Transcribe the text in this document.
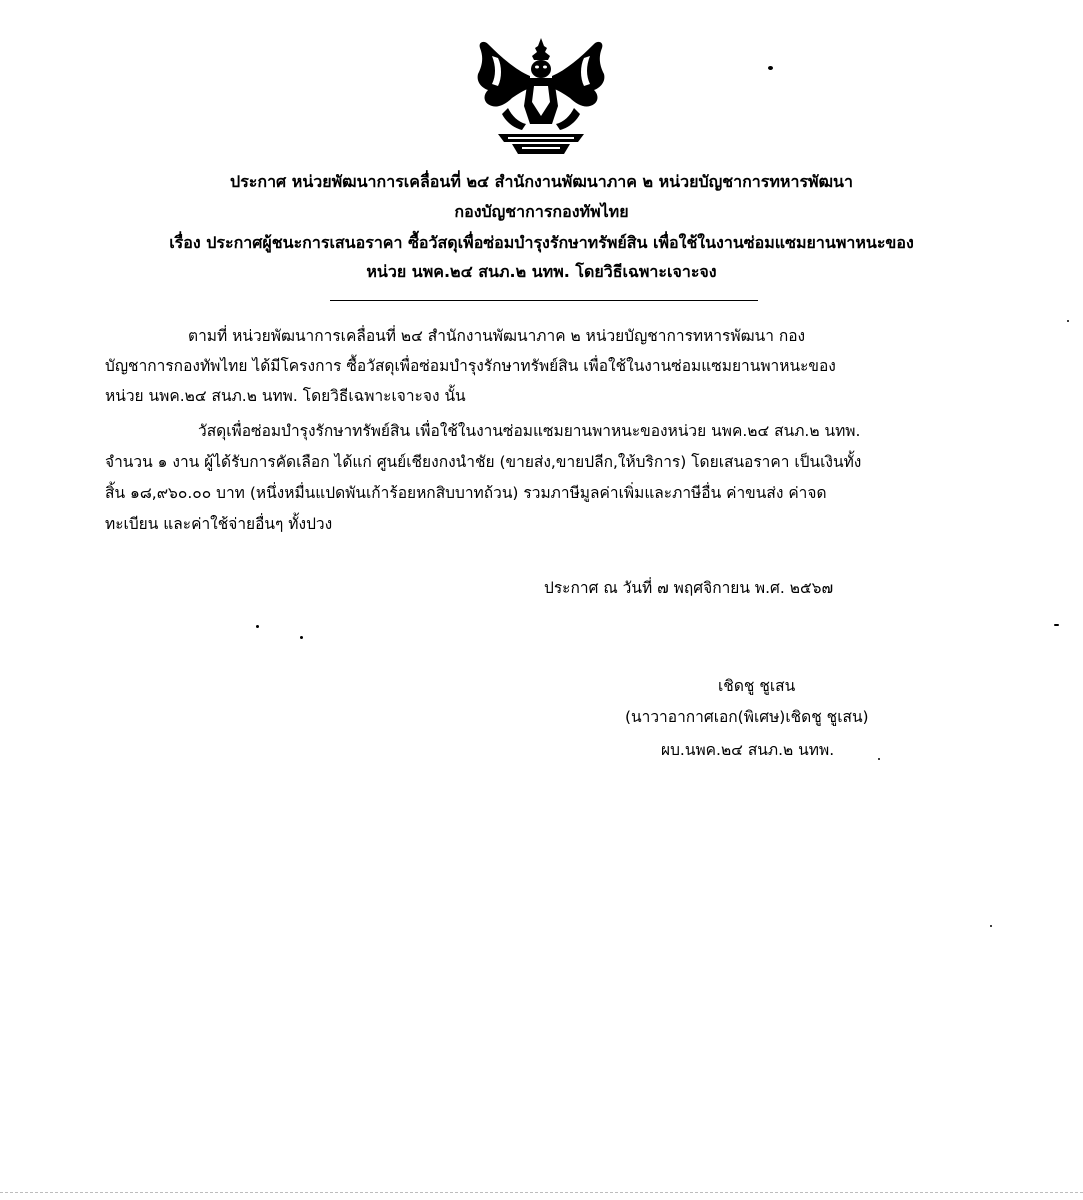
ประกาศ หน่วยพัฒนาการเคลื่อนที่ ๒๔ สำนักงานพัฒนาภาค ๒ หน่วยบัญชาการทหารพัฒนา
กองบัญชาการกองทัพไทย
เรื่อง ประกาศผู้ชนะการเสนอราคา ซื้อวัสดุเพื่อซ่อมบำรุงรักษาทรัพย์สิน เพื่อใช้ในงานซ่อมแซมยานพาหนะของ
หน่วย นพค.๒๔ สนภ.๒ นทพ. โดยวิธีเฉพาะเจาะจง
ตามที่ หน่วยพัฒนาการเคลื่อนที่ ๒๔ สำนักงานพัฒนาภาค ๒ หน่วยบัญชาการทหารพัฒนา กอง
บัญชาการกองทัพไทย ได้มีโครงการ ซื้อวัสดุเพื่อซ่อมบำรุงรักษาทรัพย์สิน เพื่อใช้ในงานซ่อมแซมยานพาหนะของ
หน่วย นพค.๒๔ สนภ.๒ นทพ. โดยวิธีเฉพาะเจาะจง นั้น
วัสดุเพื่อซ่อมบำรุงรักษาทรัพย์สิน เพื่อใช้ในงานซ่อมแซมยานพาหนะของหน่วย นพค.๒๔ สนภ.๒ นทพ.
จำนวน ๑ งาน ผู้ได้รับการคัดเลือก ได้แก่ ศูนย์เชียงกงนำชัย (ขายส่ง,ขายปลีก,ให้บริการ) โดยเสนอราคา เป็นเงินทั้ง
สิ้น ๑๘,๙๖๐.๐๐ บาท (หนึ่งหมื่นแปดพันเก้าร้อยหกสิบบาทถ้วน) รวมภาษีมูลค่าเพิ่มและภาษีอื่น ค่าขนส่ง ค่าจด
ทะเบียน และค่าใช้จ่ายอื่นๆ ทั้งปวง
ประกาศ ณ วันที่ ๗ พฤศจิกายน พ.ศ. ๒๕๖๗
เชิดชู ชูเสน
(นาวาอากาศเอก(พิเศษ)เชิดชู ชูเสน)
ผบ.นพค.๒๔ สนภ.๒ นทพ.
